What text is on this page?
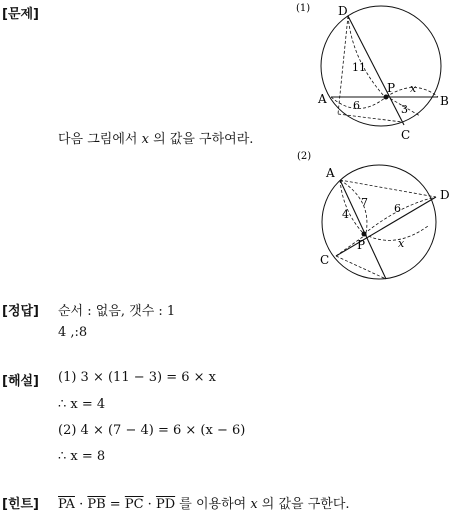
[문제]
다음 그림에서 x 의 값을 구하여라.
(1) D
A	B
C
P x
11
6	3
(2)
A
D
C
P	x
7
4	6
[정답] 순서 : 없음, 갯수 : 1
4 ,:8
[해설] (1) 3 × (11 − 3) = 6 × x
∴ x = 4
(2) 4 × (7 − 4) = 6 × (x − 6)
∴ x = 8
[힌트] $\overline{PA} \cdot \overline{PB} = \overline{PC} \cdot \overline{PD}$ 를 이용하여 x 의 값을 구한다.
